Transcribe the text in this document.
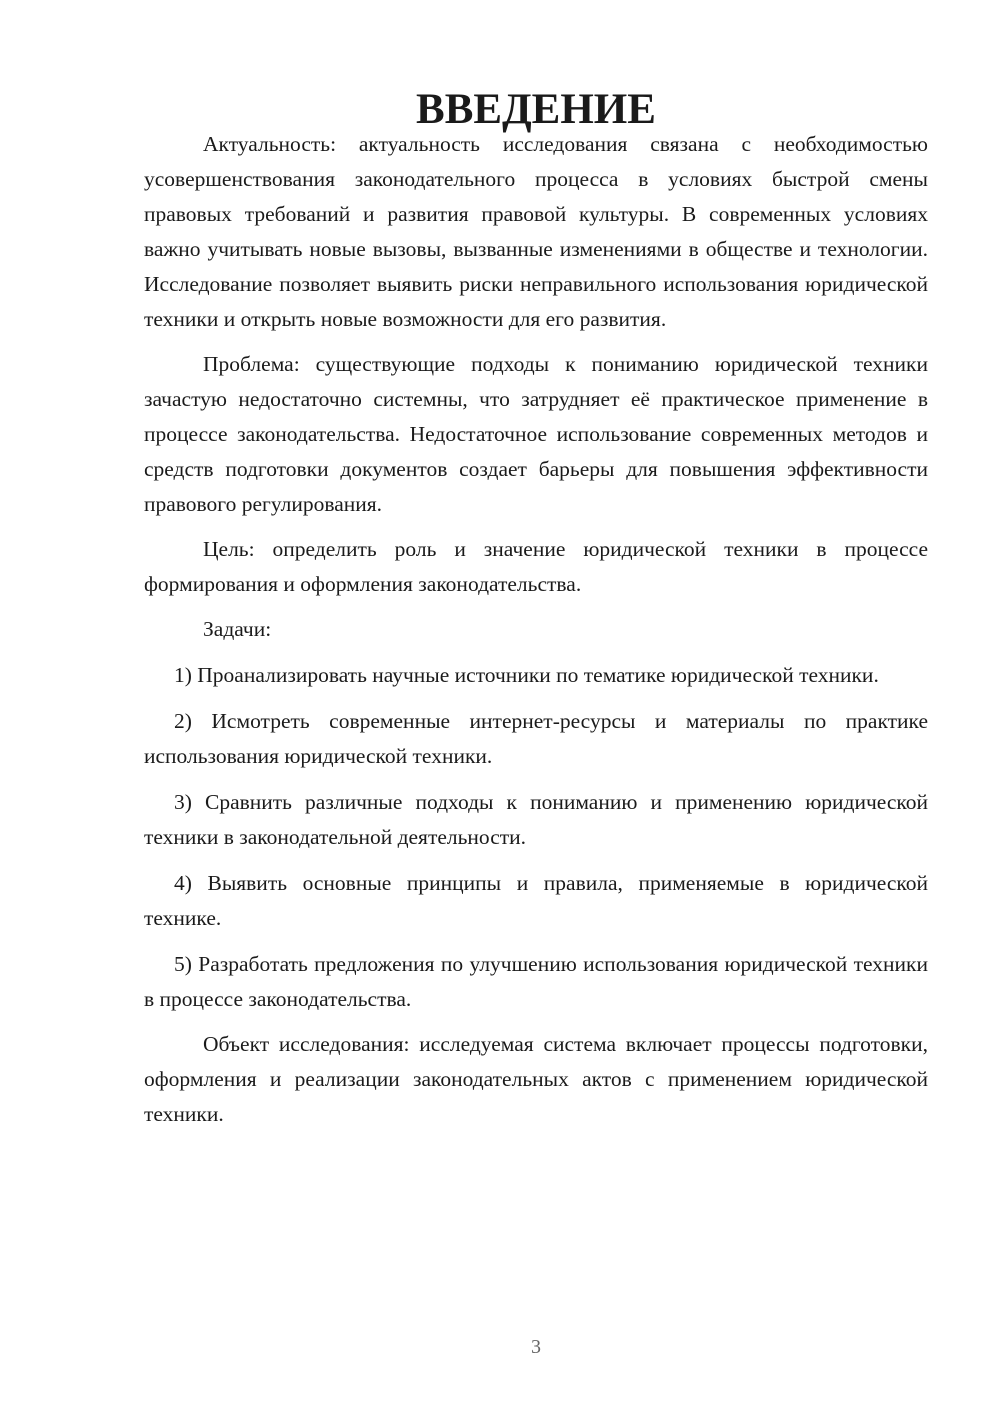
ВВЕДЕНИЕ

Актуальность: актуальность исследования связана с необходимостью усовершенствования законодательного процесса в условиях быстрой смены правовых требований и развития правовой культуры. В современных условиях важно учитывать новые вызовы, вызванные изменениями в обществе и технологии. Исследование позволяет выявить риски неправильного использования юридической техники и открыть новые возможности для его развития.

Проблема: существующие подходы к пониманию юридической техники зачастую недостаточно системны, что затрудняет её практическое применение в процессе законодательства. Недостаточное использование современных методов и средств подготовки документов создает барьеры для повышения эффективности правового регулирования.

Цель: определить роль и значение юридической техники в процессе формирования и оформления законодательства.

Задачи:

1) Проанализировать научные источники по тематике юридической техники.

2) Исмотреть современные интернет-ресурсы и материалы по практике использования юридической техники.

3) Сравнить различные подходы к пониманию и применению юридической техники в законодательной деятельности.

4) Выявить основные принципы и правила, применяемые в юридической технике.

5) Разработать предложения по улучшению использования юридической техники в процессе законодательства.

Объект исследования: исследуемая система включает процессы подготовки, оформления и реализации законодательных актов с применением юридической техники.

3
